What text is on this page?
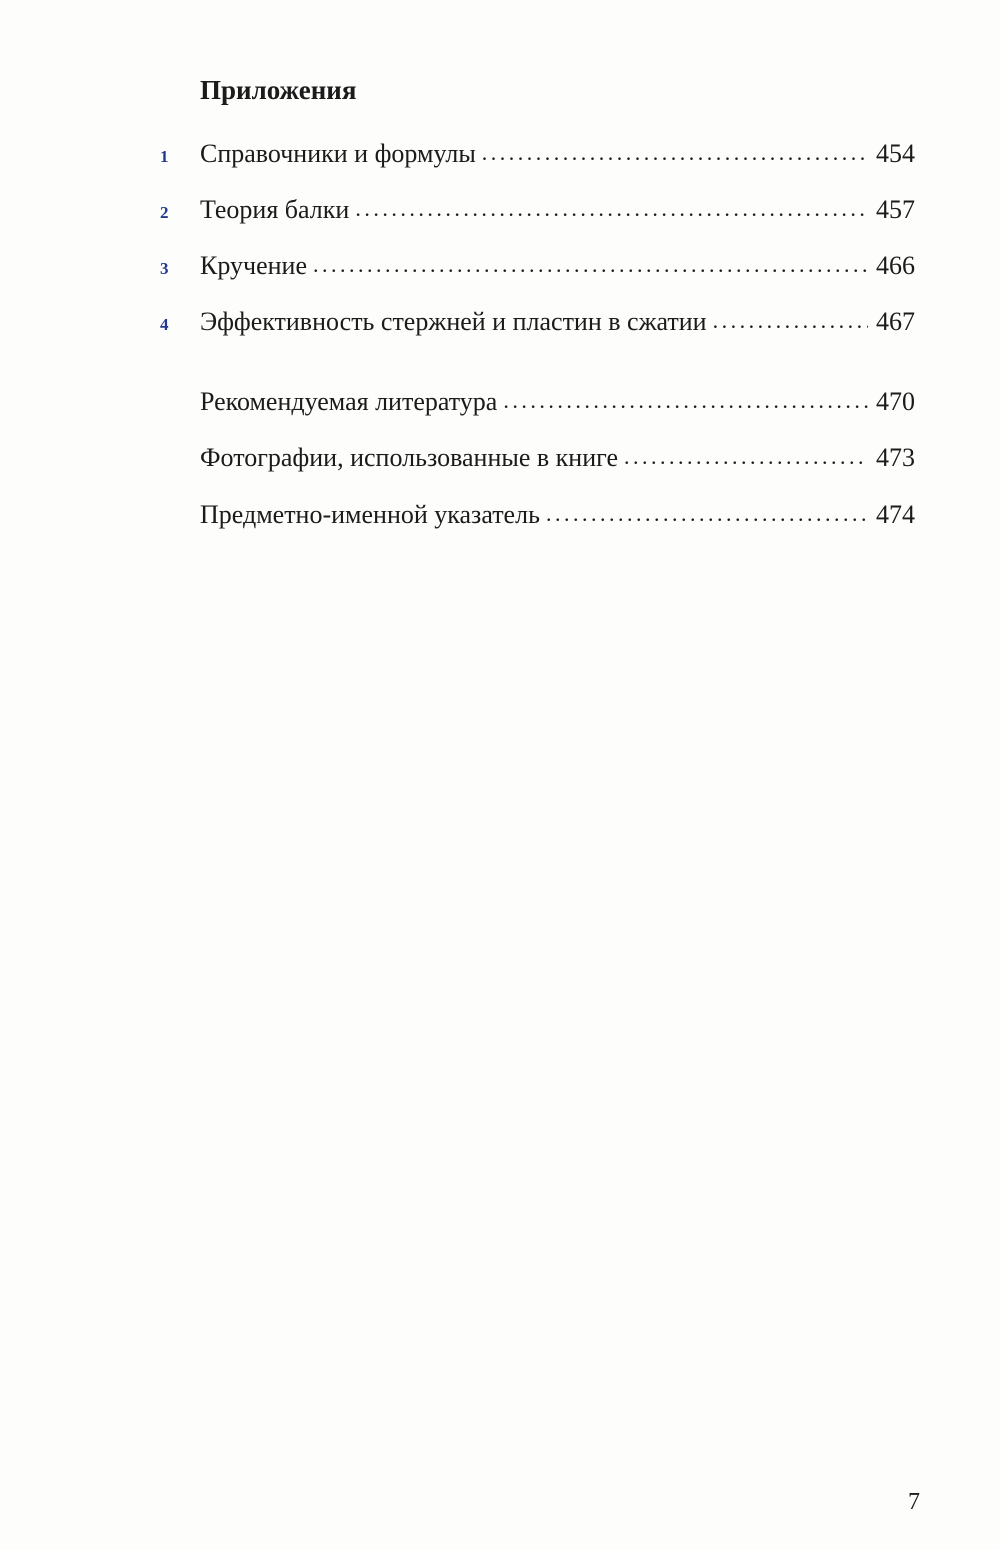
Приложения
1	Справочники и формулы . . .	454
2	Теория балки . . .	457
3	Кручение . . .	466
4	Эффективность стержней и пластин в сжатии . . .	467
Рекомендуемая литература . . .	470
Фотографии, использованные в книге . . .	473
Предметно-именной указатель . . .	474
7
